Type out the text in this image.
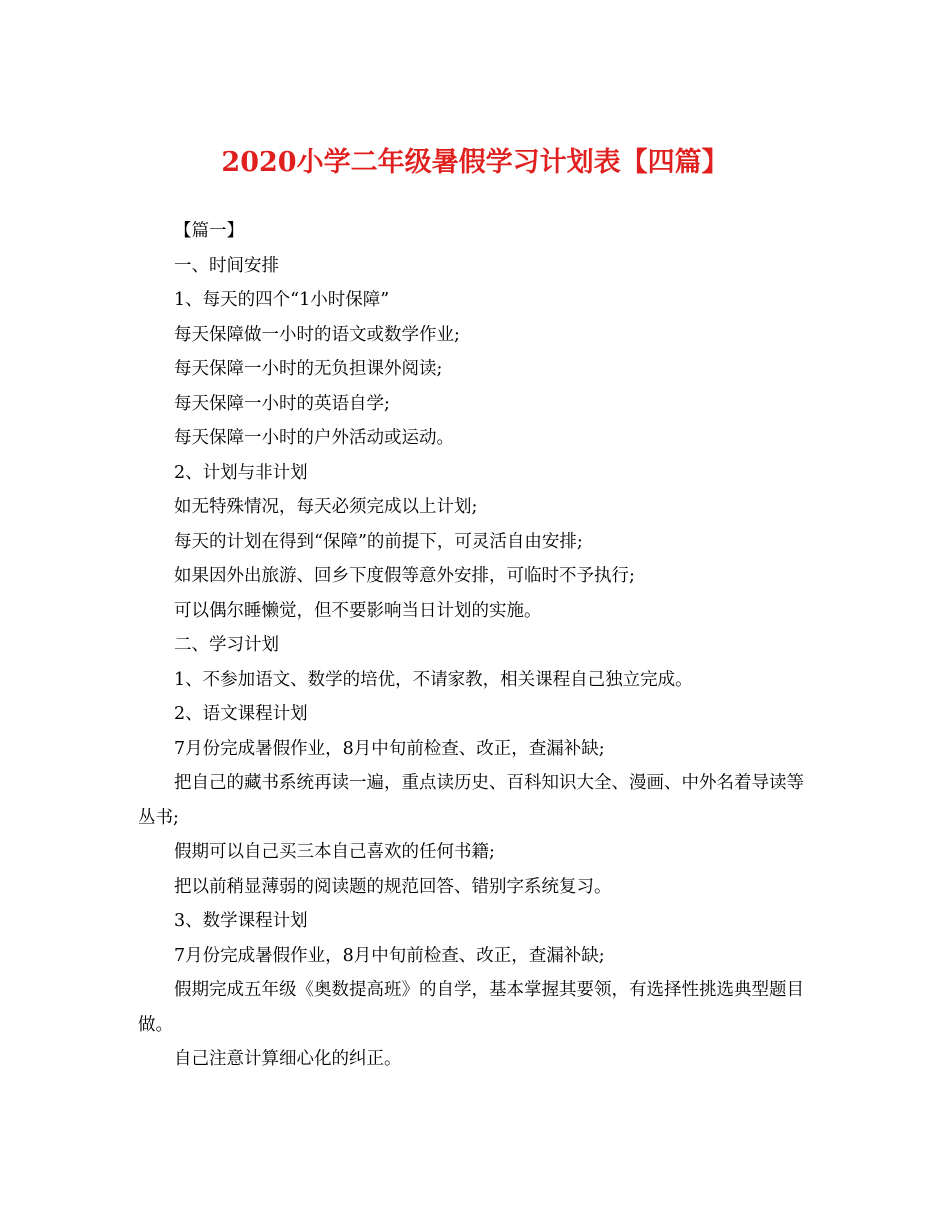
2020小学二年级暑假学习计划表【四篇】

【篇一】

一、时间安排

1、每天的四个“1小时保障”

每天保障做一小时的语文或数学作业;

每天保障一小时的无负担课外阅读;

每天保障一小时的英语自学;

每天保障一小时的户外活动或运动。

2、计划与非计划

如无特殊情况，每天必须完成以上计划;

每天的计划在得到“保障”的前提下，可灵活自由安排;

如果因外出旅游、回乡下度假等意外安排，可临时不予执行;

可以偶尔睡懒觉，但不要影响当日计划的实施。

二、学习计划

1、不参加语文、数学的培优，不请家教，相关课程自己独立完成。

2、语文课程计划

7月份完成暑假作业，8月中旬前检查、改正，查漏补缺;

把自己的藏书系统再读一遍，重点读历史、百科知识大全、漫画、中外名着导读等丛书;

假期可以自己买三本自己喜欢的任何书籍;

把以前稍显薄弱的阅读题的规范回答、错别字系统复习。

3、数学课程计划

7月份完成暑假作业，8月中旬前检查、改正，查漏补缺;

假期完成五年级《奥数提高班》的自学，基本掌握其要领，有选择性挑选典型题目做。

自己注意计算细心化的纠正。
